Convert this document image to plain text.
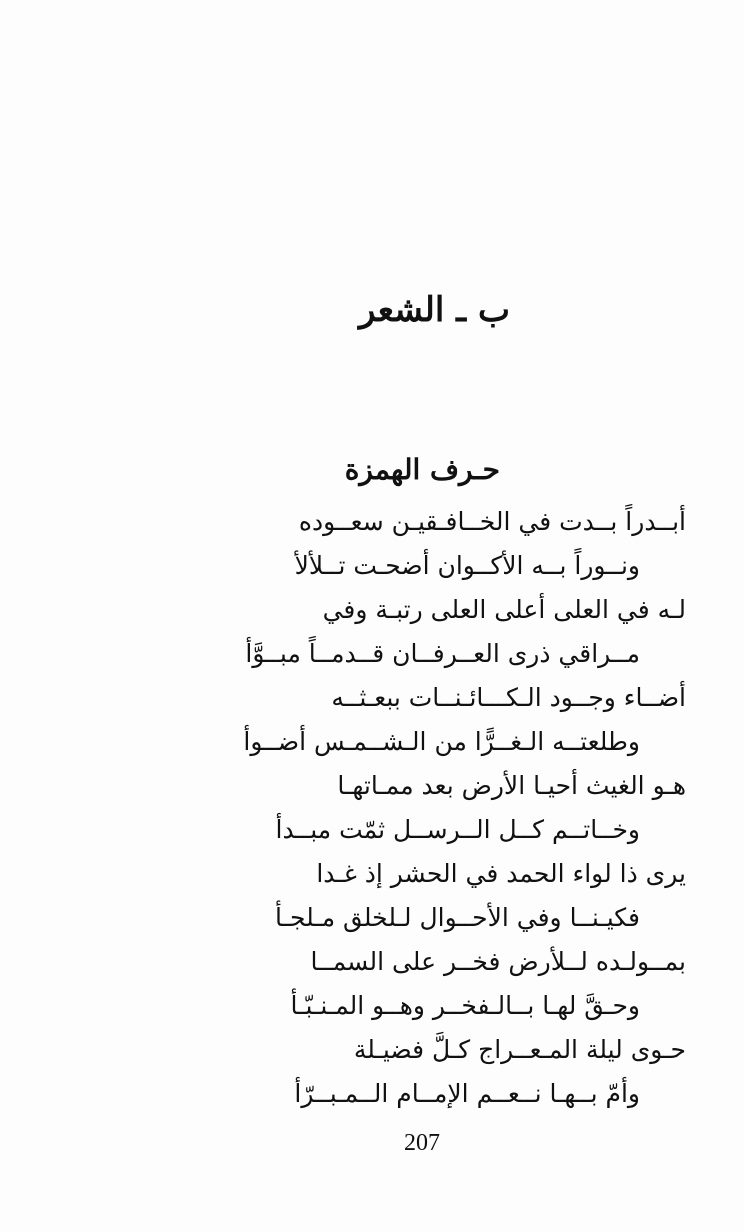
ب ـ الشعر
حـرف الهمزة
أبــدراً بــدت في الخــافـقيـن سعــوده
ونــوراً بــه الأكــوان أضحـت تــلألأ
لـه في العلى أعلى العلى رتبـة وفي
مــراقي ذرى العــرفــان قــدمــاً مبــوَّأ
أضــاء وجــود الـكـــائـنــات ببعـثــه
وطلعتــه الـغــرًّا من الـشــمـس أضــوأ
هـو الغيث أحيـا الأرض بعد ممـاتهـا
وخــاتــم كــل الــرســل ثمّت مبــدأ
يرى ذا لواء الحمد في الحشر إذ غـدا
فكيـنــا وفي الأحــوال لـلخلق مـلجـأ
بمــولـده لــلأرض فخــر على السمــا
وحـقَّ لهـا بــالـفخــر وهــو المـنـبّـأ
حـوى ليلة المـعــراج كـلَّ فضيـلة
وأمّ بــهـا نــعــم الإمــام الــمـبــرّأ
207
